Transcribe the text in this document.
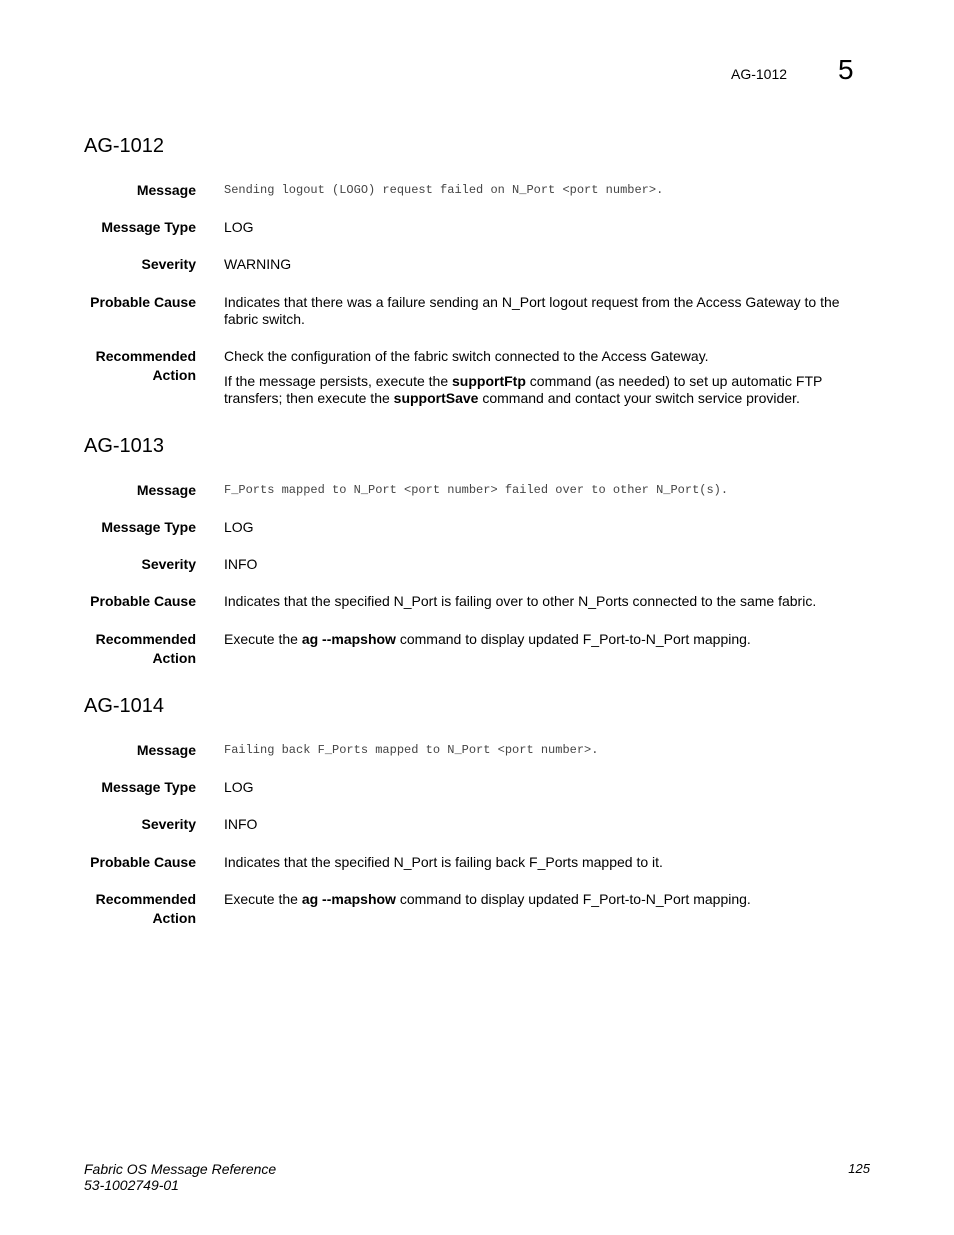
AG-1012 5
AG-1012
Message Sending logout (LOGO) request failed on N_Port <port number>.
Message Type LOG
Severity WARNING
Probable Cause Indicates that there was a failure sending an N_Port logout request from the Access Gateway to the fabric switch.
Recommended
Action

Check the configuration of the fabric switch connected to the Access Gateway.

If the message persists, execute the supportFtp command (as needed) to set up automatic FTP transfers; then execute the supportSave command and contact your switch service provider.

AG-1013
Message F_Ports mapped to N_Port <port number> failed over to other N_Port(s).
Message Type LOG
Severity INFO
Probable Cause Indicates that the specified N_Port is failing over to other N_Ports connected to the same fabric.
Recommended
Action

Execute the ag --mapshow command to display updated F_Port-to-N_Port mapping.

AG-1014
Message Failing back F_Ports mapped to N_Port <port number>.
Message Type LOG
Severity INFO
Probable Cause Indicates that the specified N_Port is failing back F_Ports mapped to it.
Recommended
Action

Execute the ag --mapshow command to display updated F_Port-to-N_Port mapping.

Fabric OS Message Reference
53-1002749-01
125
